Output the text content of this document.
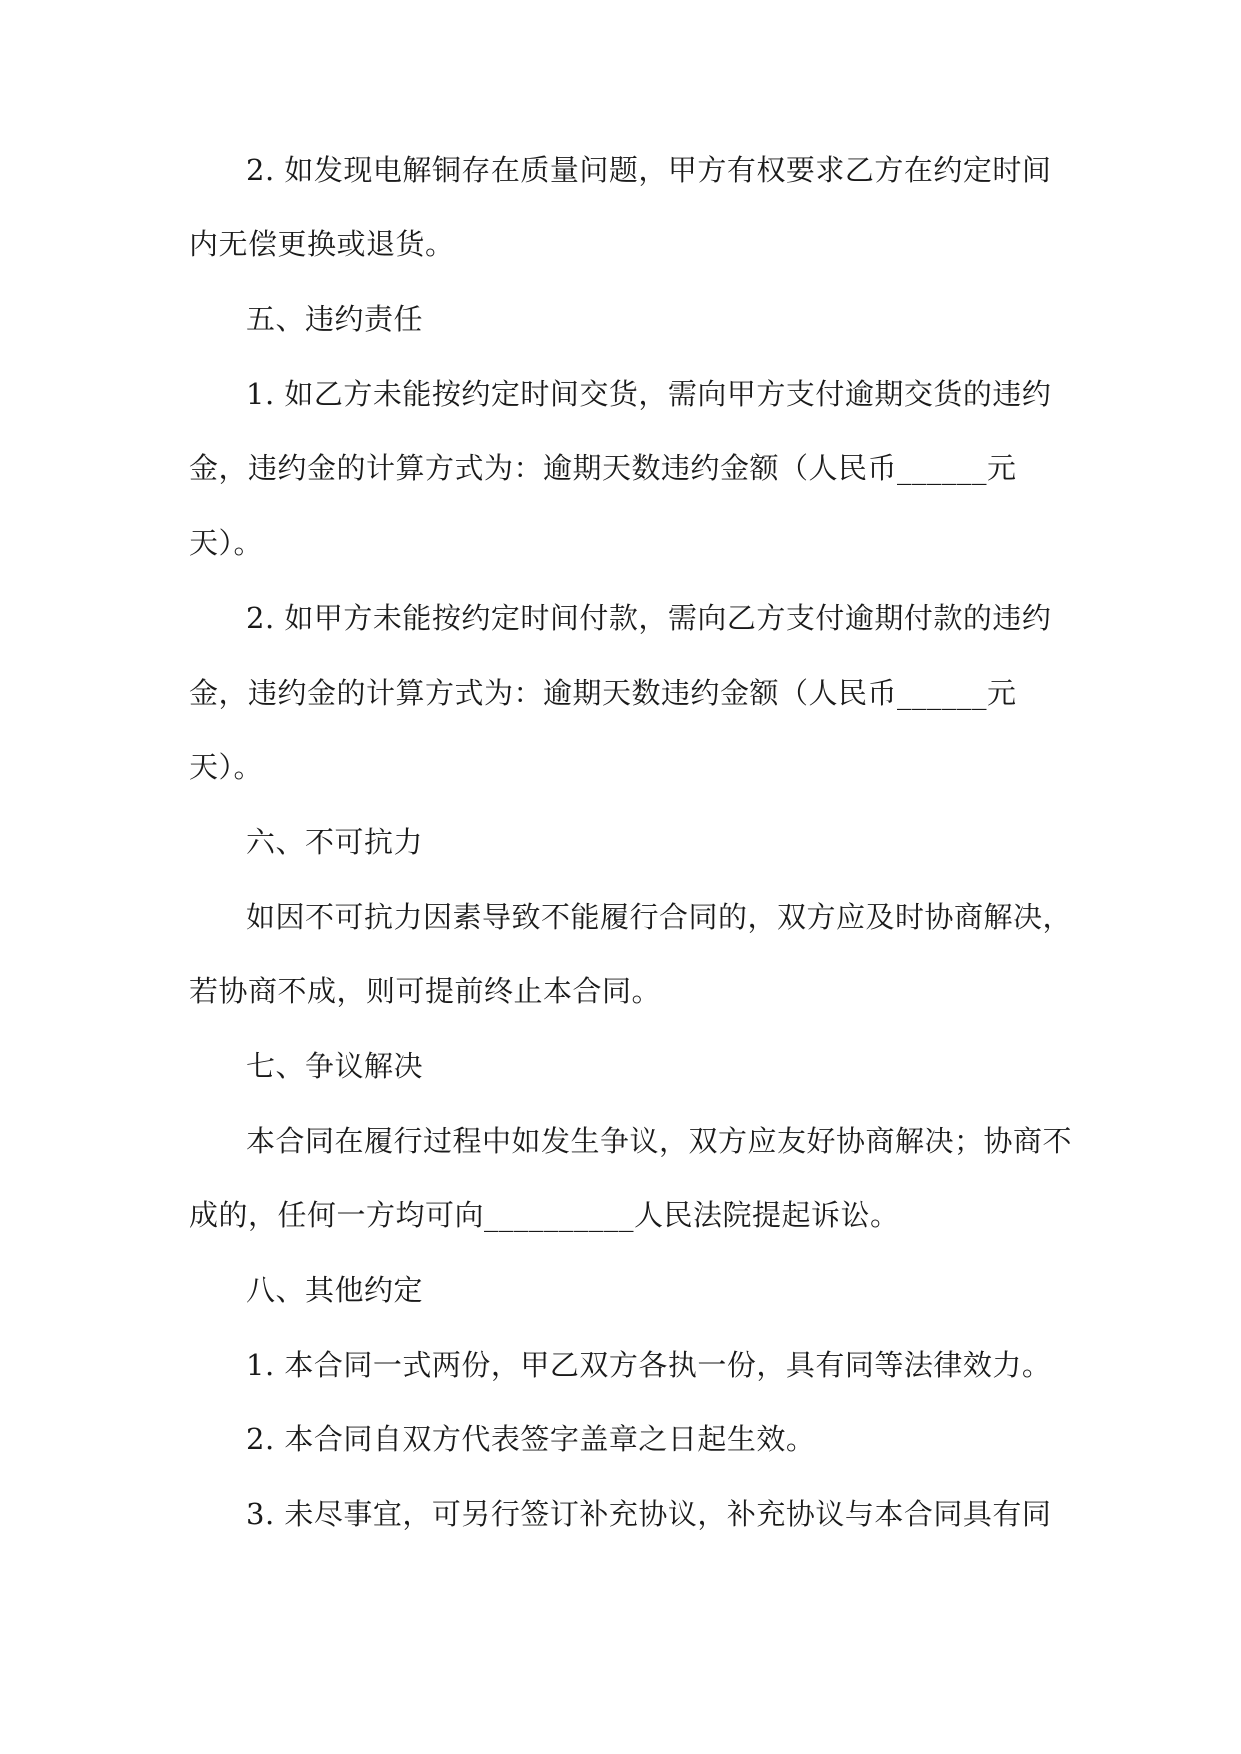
2. 如发现电解铜存在质量问题，甲方有权要求乙方在约定时间
内无偿更换或退货。
五、违约责任
1. 如乙方未能按约定时间交货，需向甲方支付逾期交货的违约
金，违约金的计算方式为：逾期天数违约金额（人民币______元
天）。
2. 如甲方未能按约定时间付款，需向乙方支付逾期付款的违约
金，违约金的计算方式为：逾期天数违约金额（人民币______元
天）。
六、不可抗力
如因不可抗力因素导致不能履行合同的，双方应及时协商解决，
若协商不成，则可提前终止本合同。
七、争议解决
本合同在履行过程中如发生争议，双方应友好协商解决；协商不
成的，任何一方均可向__________人民法院提起诉讼。
八、其他约定
1. 本合同一式两份，甲乙双方各执一份，具有同等法律效力。
2. 本合同自双方代表签字盖章之日起生效。
3. 未尽事宜，可另行签订补充协议，补充协议与本合同具有同
